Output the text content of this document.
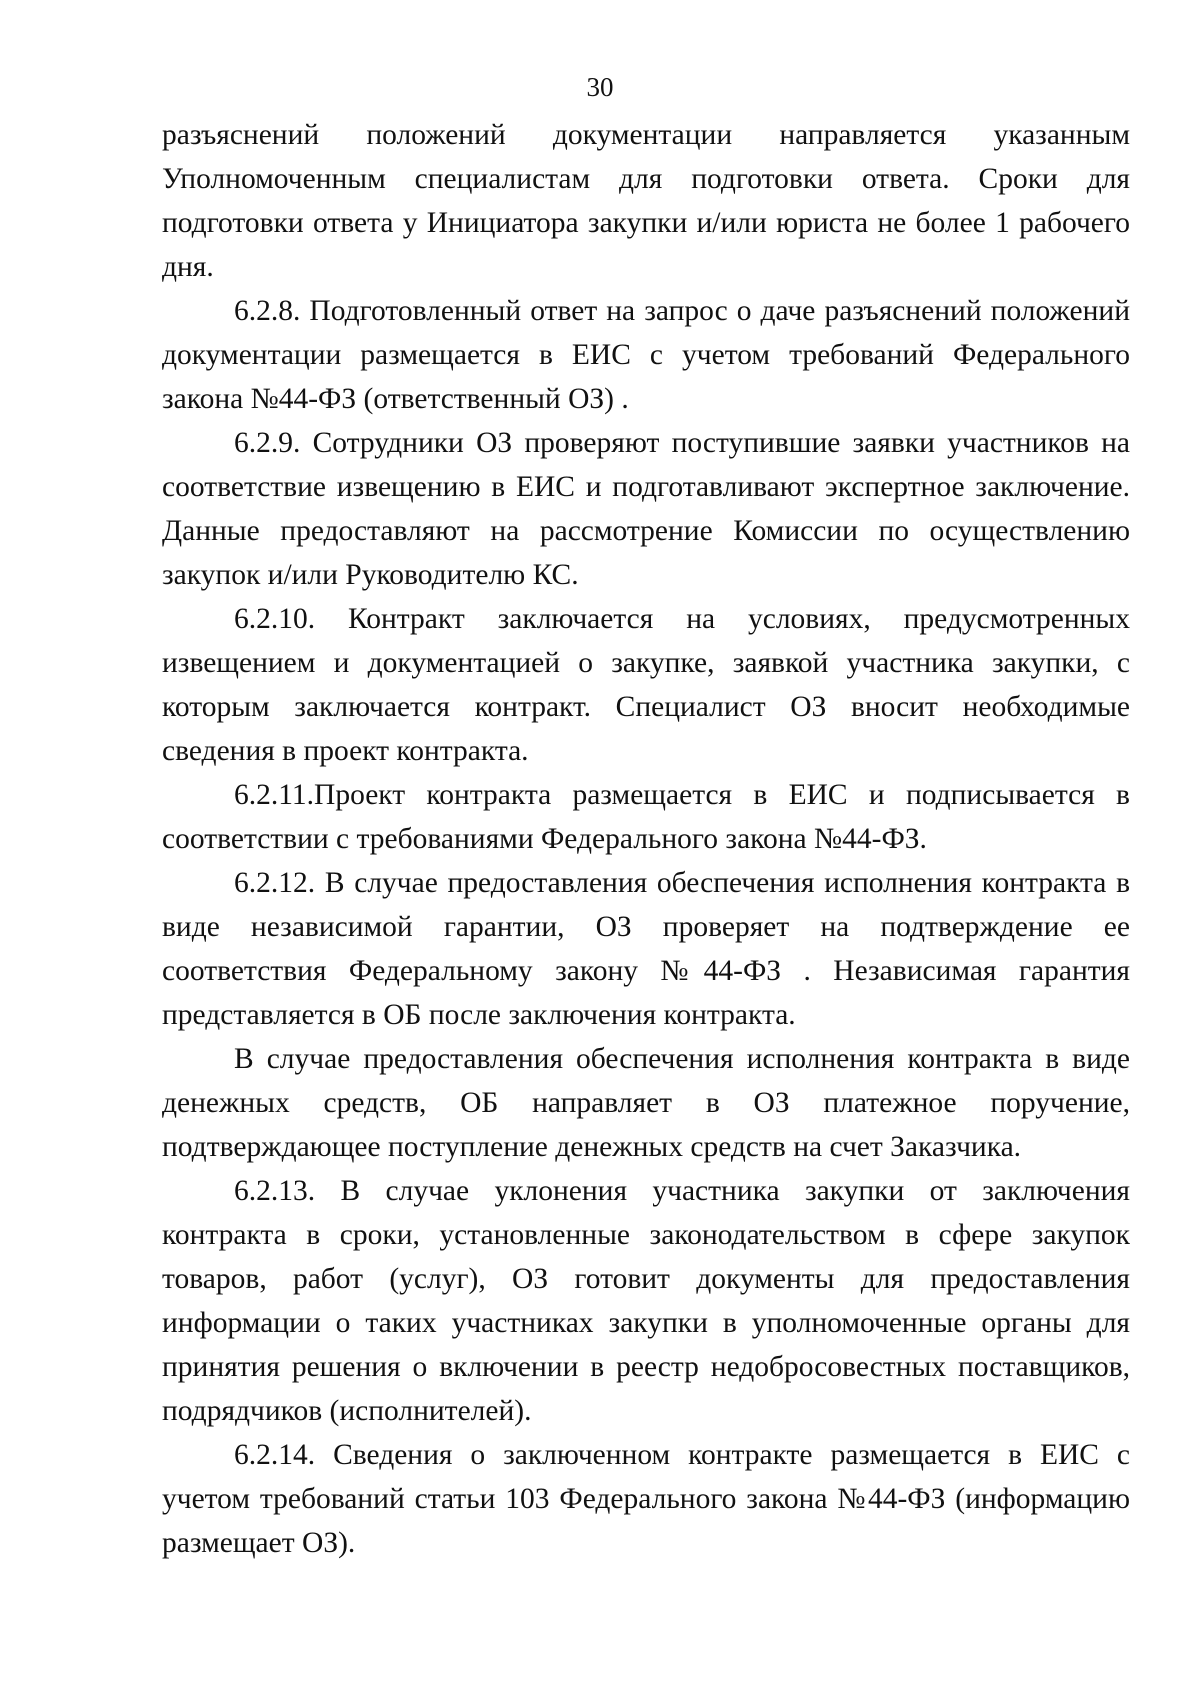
30

разъяснений положений документации направляется указанным Уполномоченным специалистам для подготовки ответа. Сроки для подготовки ответа у Инициатора закупки и/или юриста не более 1 рабочего дня.

6.2.8. Подготовленный ответ на запрос о даче разъяснений положений документации размещается в ЕИС с учетом требований Федерального закона №44-ФЗ (ответственный ОЗ) .

6.2.9. Сотрудники ОЗ проверяют поступившие заявки участников на соответствие извещению в ЕИС и подготавливают экспертное заключение. Данные предоставляют на рассмотрение Комиссии по осуществлению закупок и/или Руководителю КС.

6.2.10. Контракт заключается на условиях, предусмотренных извещением и документацией о закупке, заявкой участника закупки, с которым заключается контракт. Специалист ОЗ вносит необходимые сведения в проект контракта.

6.2.11.Проект контракта размещается в ЕИС и подписывается в соответствии с требованиями Федерального закона №44-ФЗ.

6.2.12. В случае предоставления обеспечения исполнения контракта в виде независимой гарантии, ОЗ проверяет на подтверждение ее соответствия Федеральному закону №44-ФЗ . Независимая гарантия представляется в ОБ после заключения контракта.

В случае предоставления обеспечения исполнения контракта в виде денежных средств, ОБ направляет в ОЗ платежное поручение, подтверждающее поступление денежных средств на счет Заказчика.

6.2.13. В случае уклонения участника закупки от заключения контракта в сроки, установленные законодательством в сфере закупок товаров, работ (услуг), ОЗ готовит документы для предоставления информации о таких участниках закупки в уполномоченные органы для принятия решения о включении в реестр недобросовестных поставщиков, подрядчиков (исполнителей).

6.2.14. Сведения о заключенном контракте размещается в ЕИС с учетом требований статьи 103 Федерального закона №44-ФЗ (информацию размещает ОЗ).
